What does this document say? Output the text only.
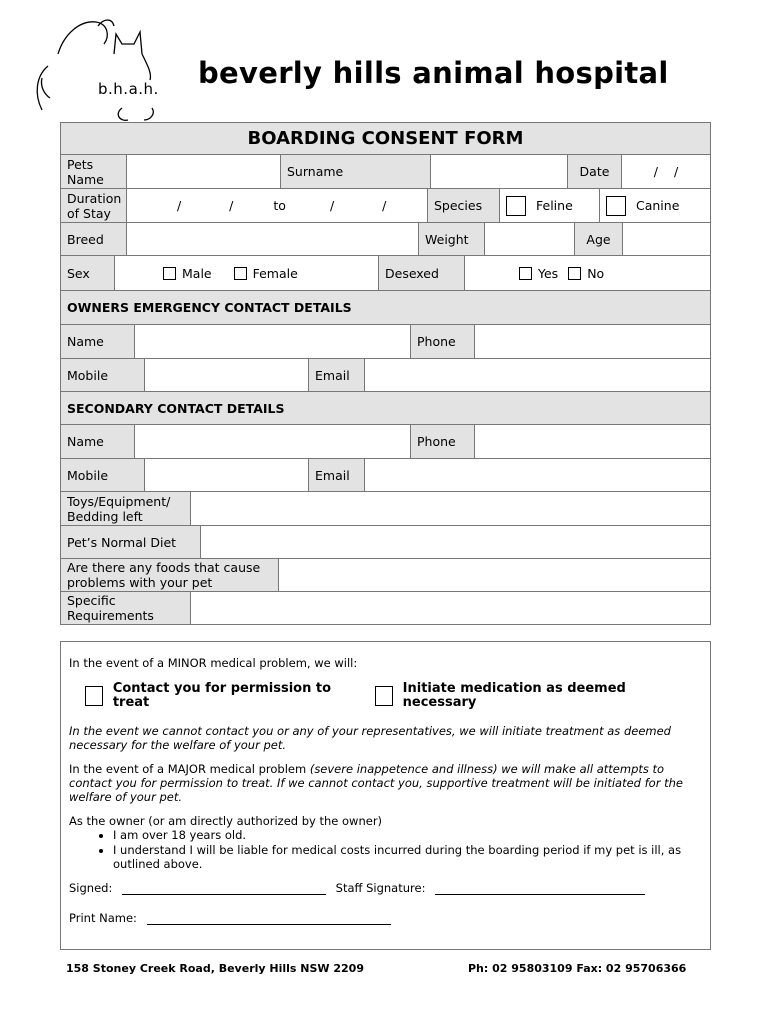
b.h.a.h. beverly hills animal hospital
BOARDING CONSENT FORM
Pets Name	Surname	Date	/ /
Duration of Stay	/ /	to	/ /	Species	Feline	Canine
Breed	Weight	Age
Sex	Male	Female	Desexed	Yes No
OWNERS EMERGENCY CONTACT DETAILS
Name	Phone
Mobile	Email
SECONDARY CONTACT DETAILS
Name	Phone
Mobile	Email
Toys/Equipment/ Bedding left
Pet’s Normal Diet
Are there any foods that cause problems with your pet
Specific Requirements

In the event of a MINOR medical problem, we will:

Contact you for permission to treat
Initiate medication as deemed necessary

In the event we cannot contact you or any of your representatives, we will initiate treatment as deemed necessary for the welfare of your pet.

In the event of a MAJOR medical problem (severe inappetence and illness) we will make all attempts to contact you for permission to treat. If we cannot contact you, supportive treatment will be initiated for the welfare of your pet.

As the owner (or am directly authorized by the owner)
• I am over 18 years old.
• I understand I will be liable for medical costs incurred during the boarding period if my pet is ill, as outlined above.
Signed:	Staff Signature:
Print Name:
158 Stoney Creek Road, Beverly Hills NSW 2209	Ph: 02 95803109 Fax: 02 95706366
